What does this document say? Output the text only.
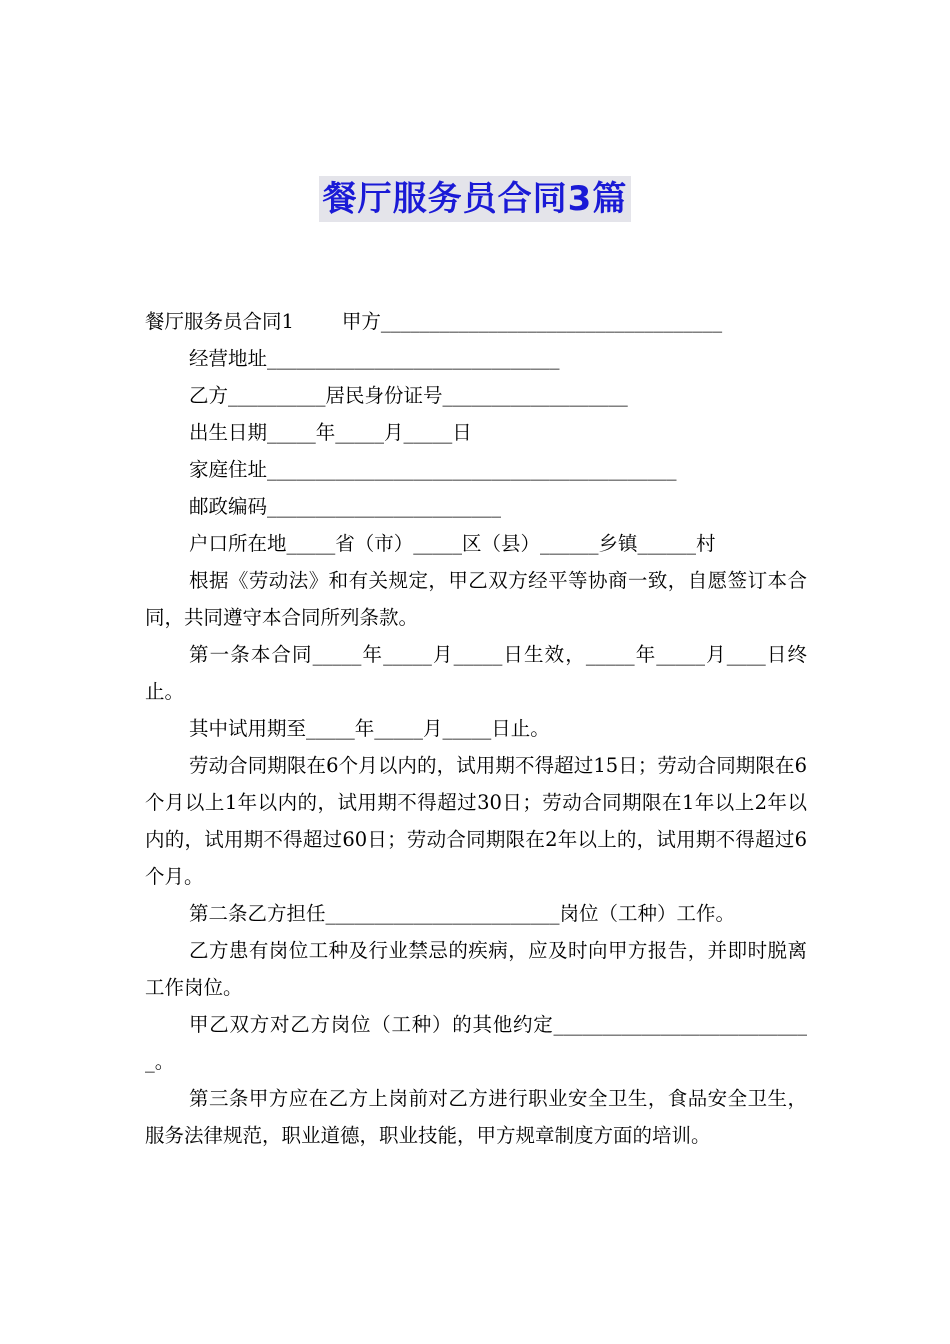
餐厅服务员合同3篇

餐厅服务员合同1 甲方___________________________________

经营地址______________________________

乙方__________居民身份证号___________________

出生日期_____年_____月_____日

家庭住址__________________________________________

邮政编码________________________

户口所在地_____省（市）_____区（县）______乡镇______村

根据《劳动法》和有关规定，甲乙双方经平等协商一致，自愿签订本合同，共同遵守本合同所列条款。

第一条本合同_____年_____月_____日生效，_____年_____月____日终止。

其中试用期至_____年_____月_____日止。

劳动合同期限在6个月以内的，试用期不得超过15日；劳动合同期限在6个月以上1年以内的，试用期不得超过30日；劳动合同期限在1年以上2年以内的，试用期不得超过60日；劳动合同期限在2年以上的，试用期不得超过6个月。

第二条乙方担任________________________岗位（工种）工作。

乙方患有岗位工种及行业禁忌的疾病，应及时向甲方报告，并即时脱离工作岗位。

甲乙双方对乙方岗位（工种）的其他约定___________________________。

第三条甲方应在乙方上岗前对乙方进行职业安全卫生，食品安全卫生，服务法律规范，职业道德，职业技能，甲方规章制度方面的培训。
